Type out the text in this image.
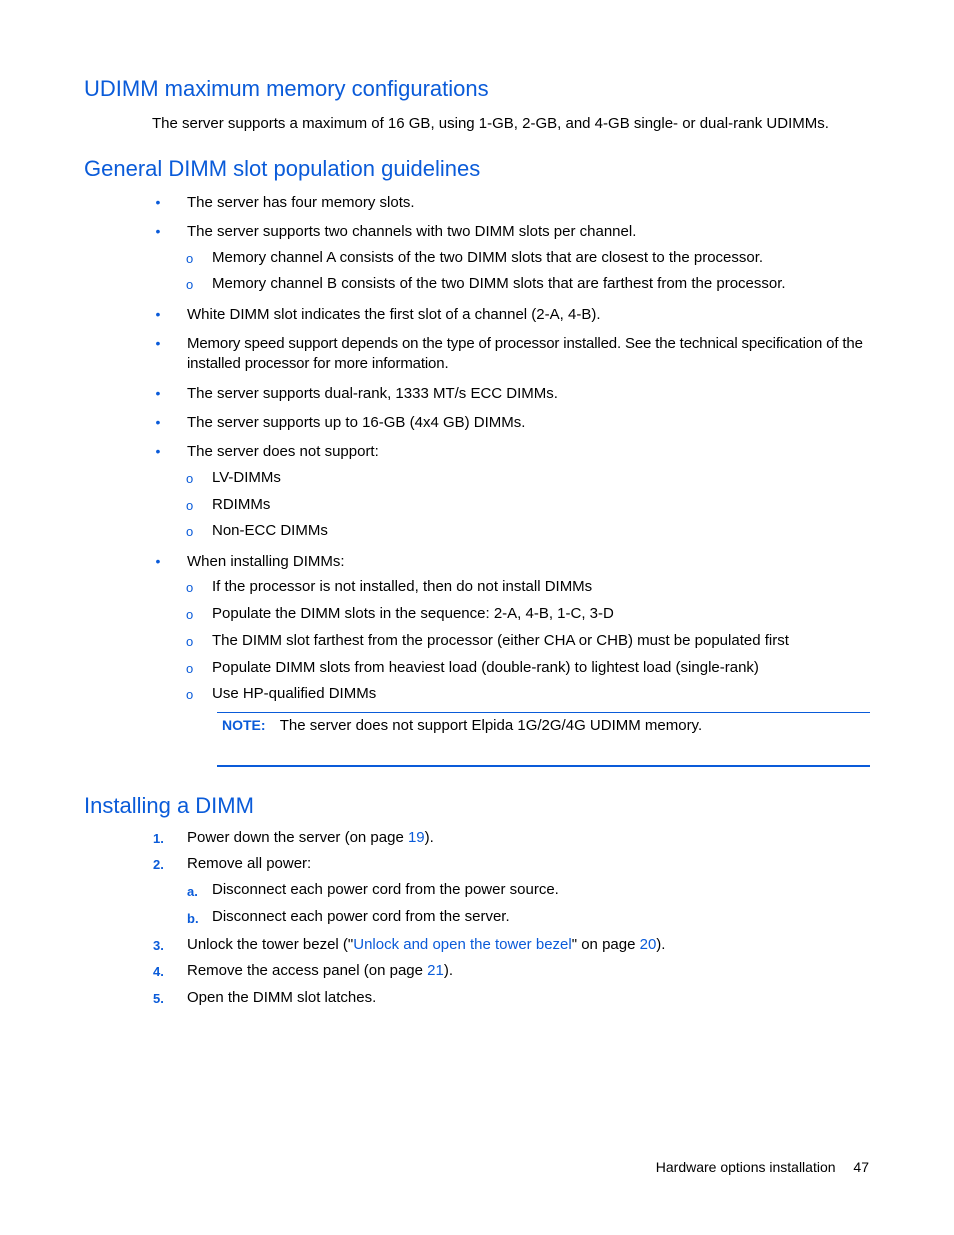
UDIMM maximum memory configurations
The server supports a maximum of 16 GB, using 1-GB, 2-GB, and 4-GB single- or dual-rank UDIMMs.
General DIMM slot population guidelines
• The server has four memory slots.
• The server supports two channels with two DIMM slots per channel.
o Memory channel A consists of the two DIMM slots that are closest to the processor.
o Memory channel B consists of the two DIMM slots that are farthest from the processor.
• White DIMM slot indicates the first slot of a channel (2-A, 4-B).
• Memory speed support depends on the type of processor installed. See the technical specification of the installed processor for more information.
• The server supports dual-rank, 1333 MT/s ECC DIMMs.
• The server supports up to 16-GB (4x4 GB) DIMMs.
• The server does not support:
o LV-DIMMs
o RDIMMs
o Non-ECC DIMMs
• When installing DIMMs:
o If the processor is not installed, then do not install DIMMs
o Populate the DIMM slots in the sequence: 2-A, 4-B, 1-C, 3-D
o The DIMM slot farthest from the processor (either CHA or CHB) must be populated first
o Populate DIMM slots from heaviest load (double-rank) to lightest load (single-rank)
o Use HP-qualified DIMMs
NOTE: The server does not support Elpida 1G/2G/4G UDIMM memory.
Installing a DIMM
1. Power down the server (on page 19).
2. Remove all power:
a. Disconnect each power cord from the power source.
b. Disconnect each power cord from the server.
3. Unlock the tower bezel ("Unlock and open the tower bezel" on page 20).
4. Remove the access panel (on page 21).
5. Open the DIMM slot latches.
Hardware options installation 47
